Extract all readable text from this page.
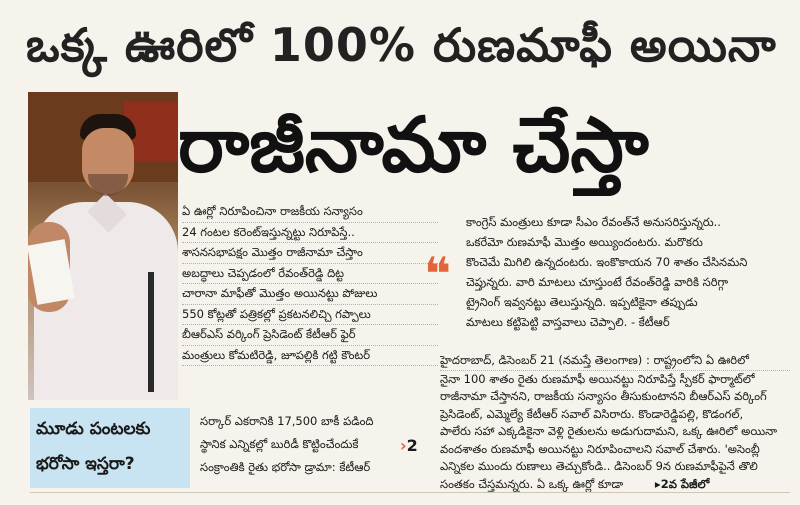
ఒక్క ఊరిలో 100% రుణమాఫీ అయినా
రాజీనామా చేస్తా
ఏ ఊర్లో నిరూపించినా రాజకీయ సన్యాసం
24 గంటల కరెంట్ఇస్తున్నట్టు నిరూపిస్తే..
శాసనసభాపక్షం మొత్తం రాజీనామా చేస్తాం
అబద్ధాలు చెప్పడంలో రేవంత్‌రెడ్డి దిట్ట
చారానా మాఫీతో మొత్తం అయినట్టు పోజులు
550 కోట్లతో పత్రికల్లో ప్రకటనలిచ్చి గప్పాలు
బీఆర్ఎస్ వర్కింగ్ ప్రెసిడెంట్ కేటీఆర్ ఫైర్
మంత్రులు కోమటిరెడ్డి, జూపల్లికి గట్టి కౌంటర్
❝
కాంగ్రెస్ మంత్రులు కూడా సీఎం రేవంత్‌నే అనుసరిస్తున్నరు..
ఒకరేమో రుణమాఫీ మొత్తం అయ్యిందంటరు. మరొకరు
కొంచెమే మిగిలి ఉన్నదంటరు. ఇంకొకాయన 70 శాతం చేసినమని
చెప్తున్నరు. వారి మాటలు చూస్తుంటే రేవంత్‌రెడ్డి వారికి సరిగ్గా
ట్రైనింగ్ ఇవ్వనట్టు తెలుస్తున్నది. ఇప్పటికైనా తప్పుడు
మాటలు కట్టిపెట్టి వాస్తవాలు చెప్పాలి. - కేటీఆర్
హైదరాబాద్, డిసెంబర్ 21 (నమస్తే తెలంగాణ) : రాష్ట్రంలోని ఏ ఊరిలో
నైనా 100 శాతం రైతు రుణమాఫీ అయినట్టు నిరూపిస్తే స్పీకర్ ఫార్మాట్‌లో
రాజీనామా చేస్తానని, రాజకీయ సన్యాసం తీసుకుంటానని బీఆర్ఎస్ వర్కింగ్
ప్రెసిడెంట్, ఎమ్మెల్యే కేటీఆర్ సవాల్ విసిరారు. కొండారెడ్డిపల్లి, కొడంగల్,
పాలేరు సహా ఎక్కడికైనా వెళ్లి రైతులను అడుగుదామని, ఒక్క ఊరిలో అయినా
వందశాతం రుణమాఫీ అయినట్టు నిరూపించాలని సవాల్ చేశారు. 'అసెంబ్లీ
ఎన్నికల ముందు రుణాలు తెచ్చుకోండి.. డిసెంబర్ 9న రుణమాఫీపైనే తొలి
సంతకం చేస్తమన్నరు. ఏ ఒక్క ఊర్లో కూడా	▸2వ పేజీలో
మూడు పంటలకు
భరోసా ఇస్తరా?
సర్కార్ ఎకరానికి 17,500 బాకీ పడింది
స్థానిక ఎన్నికల్లో బురిడీ కొట్టించేందుకే
సంక్రాంతికి రైతు భరోసా డ్రామా: కేటీఆర్
›2
